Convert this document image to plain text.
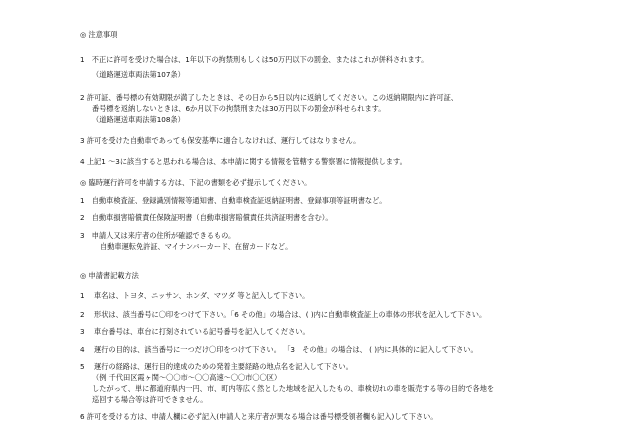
◎ 注意事項
1　不正に許可を受けた場合は、1年以下の拘禁刑もしくは50万円以下の罰金、またはこれが併科されます。
（道路運送車両法第107条）
2 許可証、番号標の有効期限が満了したときは、その日から5日以内に返納してください。この返納期限内に許可証、
番号標を返納しないときは、6か月以下の拘禁刑または30万円以下の罰金が科せられます。
（道路運送車両法第108条）
3 許可を受けた自動車であっても保安基準に適合しなければ、運行してはなりません。
4 上記1 ～3に該当すると思われる場合は、本申請に関する情報を管轄する警察署に情報提供します。
◎ 臨時運行許可を申請する方は、下記の書類を必ず提示してください。
1　自動車検査証、登録識別情報等通知書、自動車検査証返納証明書、登録事項等証明書など。
2　自動車損害賠償責任保険証明書（自動車損害賠償責任共済証明書を含む）。
3　申請人又は来庁者の住所が確認できるもの。
自動車運転免許証、マイナンバーカード、在留カードなど。
◎ 申請書記載方法
1　 車名は、トヨタ、ニッサン、ホンダ、マツダ 等と記入して下さい。
2　 形状は、該当番号に〇印をつけて下さい。「6 その他」の場合は、( )内に自動車検査証上の車体の形状を記入して下さい。
3　 車台番号は、車台に打刻されている記号番号を記入してください。
4　 運行の目的は、該当番号に一つだけ〇印をつけて下さい。 「3　その他」の場合は、 ( )内に具体的に記入して下さい。
5　 運行の経路は、運行目的達成のための発着主要経路の地点名を記入して下さい。
（例 千代田区霞ヶ関～〇〇市～〇〇高速～〇〇市〇〇区）
したがって、単に都道府県内一円、市、町内等広く然とした地域を記入したもの、車検切れの車を販売する等の目的で各地を
巡回する場合等は許可できません。
6 許可を受ける方は、申請人欄に必ず記入(申請人と来庁者が異なる場合は番号標受領者欄も記入)して下さい。
